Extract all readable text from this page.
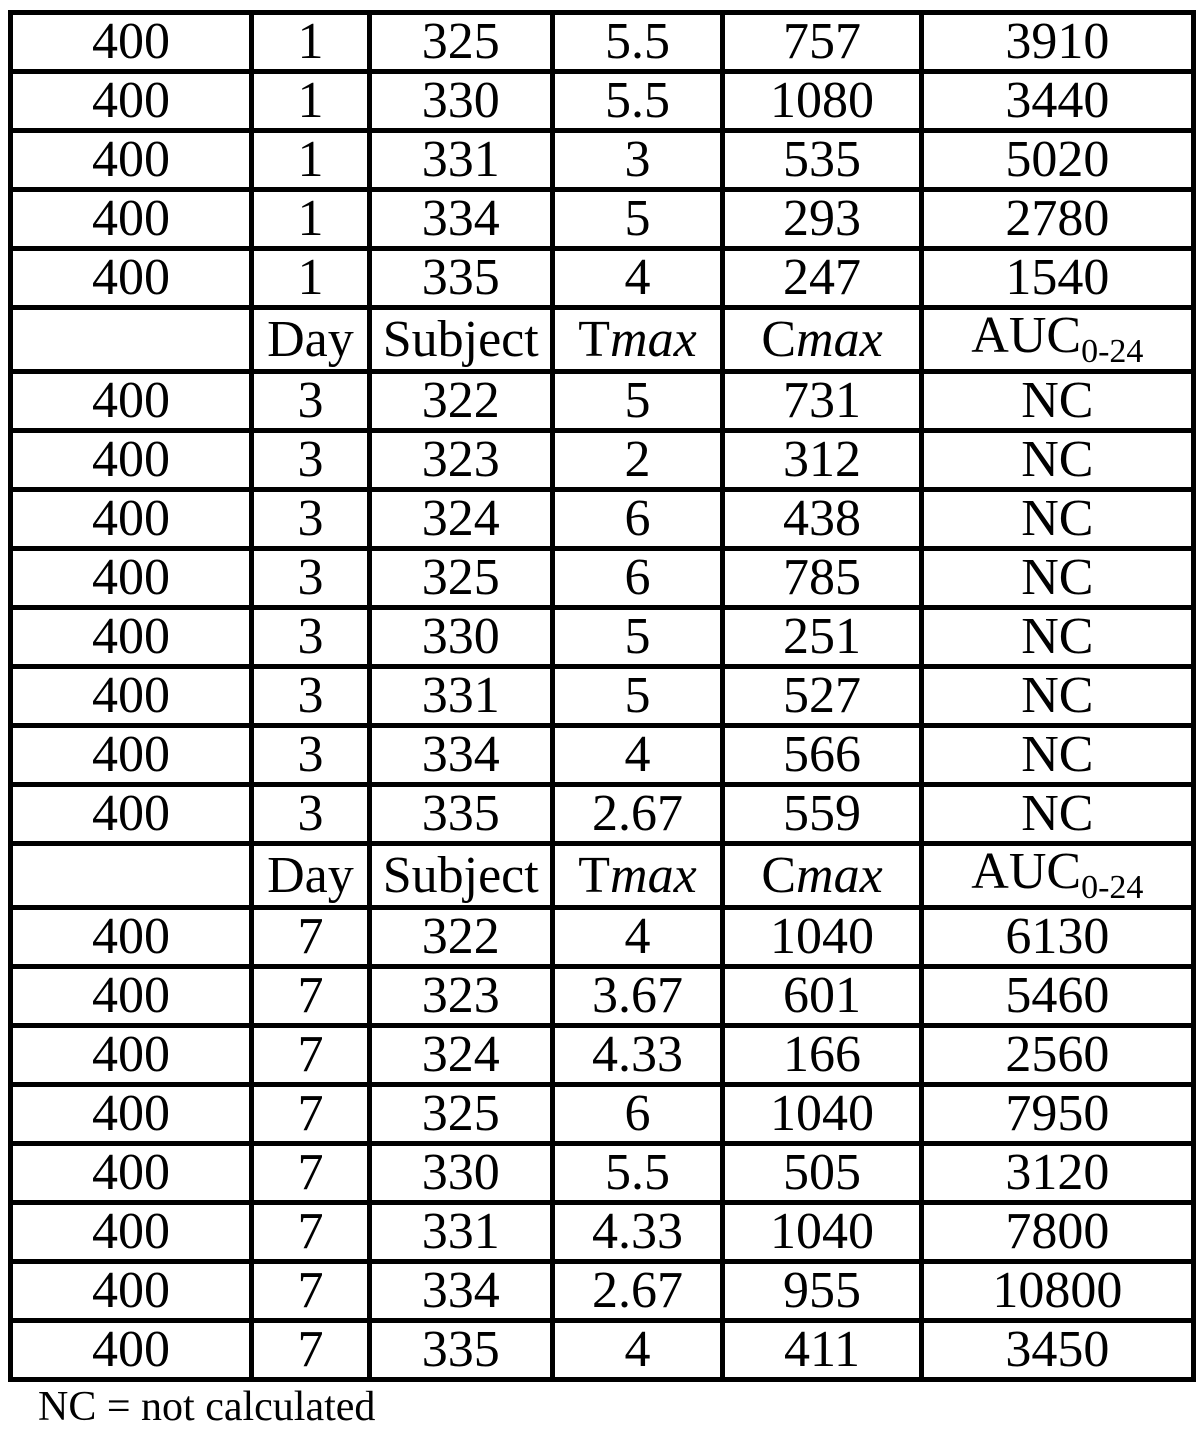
400	1	325	5.5	757	3910
400	1	330	5.5	1080	3440
400	1	331	3	535	5020
400	1	334	5	293	2780
400	1	335	4	247	1540
	Day	Subject	Tmax	Cmax	$AUC_{0-24}$
400	3	322	5	731	NC
400	3	323	2	312	NC
400	3	324	6	438	NC
400	3	325	6	785	NC
400	3	330	5	251	NC
400	3	331	5	527	NC
400	3	334	4	566	NC
400	3	335	2.67	559	NC
	Day	Subject	Tmax	Cmax	$AUC_{0-24}$
400	7	322	4	1040	6130
400	7	323	3.67	601	5460
400	7	324	4.33	166	2560
400	7	325	6	1040	7950
400	7	330	5.5	505	3120
400	7	331	4.33	1040	7800
400	7	334	2.67	955	10800
400	7	335	4	411	3450
NC = not calculated
